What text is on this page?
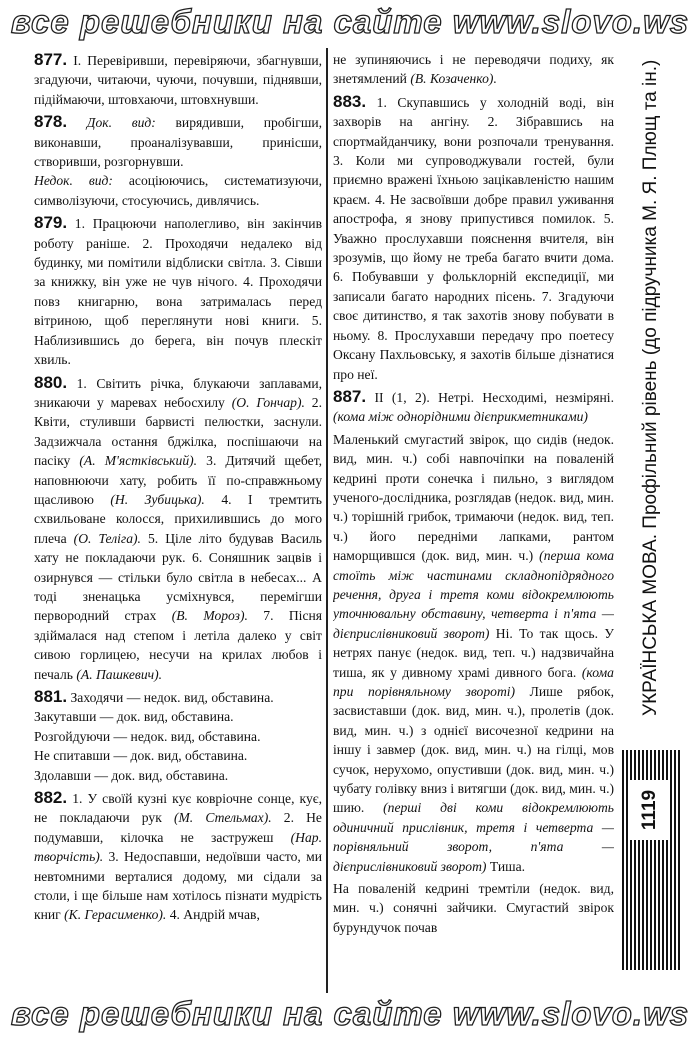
все решебники на сайте www.slovo.ws

877. I. Перевіривши, перевіряючи, збагнувши, згадуючи, читаючи, чуючи, почувши, піднявши, підіймаючи, штовхаючи, штовхнувши.

878. Док. вид: вирядивши, пробігши, виконавши, проаналізувавши, принісши, створивши, розгорнувши.
Недок. вид: асоціюючись, систематизуючи, символізуючи, стосуючись, дивлячись.

879. 1. Працюючи наполегливо, він закінчив роботу раніше. 2. Проходячи недалеко від будинку, ми помітили відблиски світла. 3. Сівши за книжку, він уже не чув нічого. 4. Проходячи повз книгарню, вона затрималась перед вітриною, щоб переглянути нові книги. 5. Наблизившись до берега, він почув плескіт хвиль.

880. 1. Світить річка, блукаючи заплавами, зникаючи у маревах небосхилу (О. Гончар). 2. Квіти, стуливши барвисті пелюстки, заснули. Задзижчала остання бджілка, поспішаючи на пасіку (А. М'ястківський). 3. Дитячий щебет, наповнюючи хату, робить її по-справжньому щасливою (Н. Зубицька). 4. І тремтить схвильоване колосся, прихилившись до мого плеча (О. Теліга). 5. Ціле літо будував Василь хату не покладаючи рук. 6. Соняшник зацвів і озирнувся — стільки було світла в небесах... А тоді зненацька усміхнувся, перемігши первородний страх (В. Мороз). 7. Пісня здіймалася над степом і летіла далеко у світ сивою горлицею, несучи на крилах любов і печаль (А. Пашкевич).

881. Заходячи — недок. вид, обставина.
Закутавши — док. вид, обставина.
Розгойдуючи — недок. вид, обставина.
Не спитавши — док. вид, обставина.
Здолавши — док. вид, обставина.

882. 1. У своїй кузні кує ковріочне сонце, кує, не покладаючи рук (М. Стельмах). 2. Не подумавши, кілочка не застружеш (Нар. творчість). 3. Недоспавши, недоївши часто, ми невтомними верталися додому, ми сідали за столи, і ще більше нам хотілось пізнати мудрість книг (К. Герасименко). 4. Андрій мчав,

не зупиняючись і не переводячи подиху, як знетямлений (В. Козаченко).

883. 1. Скупавшись у холодній воді, він захворів на ангіну. 2. Зібравшись на спортмайданчику, вони розпочали тренування. 3. Коли ми супроводжували гостей, були приємно вражені їхньою зацікавленістю нашим краєм. 4. Не засвоївши добре правил уживання апострофа, я знову припустився помилок. 5. Уважно прослухавши пояснення вчителя, він зрозумів, що йому не треба багато вчити дома. 6. Побувавши у фольклорній експедиції, ми записали багато народних пісень. 7. Згадуючи своє дитинство, я так захотів знову побувати в ньому. 8. Прослухавши передачу про поетесу Оксану Пахльовську, я захотів більше дізнатися про неї.

887. II (1, 2). Нетрі. Несходимі, незміряні. (кома між однорідними дієприкметниками)

Маленький смугастий звірок, що сидів (недок. вид, мин. ч.) собі навпочіпки на поваленій кедрині проти сонечка і пильно, з виглядом ученого-дослідника, розглядав (недок. вид, мин. ч.) торішній грибок, тримаючи (недок. вид, теп. ч.) його передніми лапками, рантом наморщившся (док. вид, мин. ч.) (перша кома стоїть між частинами складнопідрядного речення, друга і третя коми відокремлюють уточнювальну обставину, четверта і п'ята — дієприслівниковий зворот) Ні. То так щось. У нетрях панує (недок. вид, теп. ч.) надзвичайна тиша, як у дивному храмі дивного бога. (кома при порівняльному звороті) Лише рябок, засвиставши (док. вид, мин. ч.), пролетів (док. вид, мин. ч.) з однієї височезної кедрини на іншу і завмер (док. вид, мин. ч.) на гілці, мов сучок, нерухомо, опустивши (док. вид, мин. ч.) чубату голівку вниз і витягши (док. вид, мин. ч.) шию. (перші дві коми відокремлюють одиничний прислівник, третя і четверта — порівняльний зворот, п'ята — дієприслівниковий зворот) Тиша.

На поваленій кедрині тремтіли (недок. вид, мин. ч.) сонячні зайчики. Смугастий звірок бурундучок почав

УКРАЇНСЬКА МОВА. Профільний рівень (до підручника М. Я. Плющ та ін.)
1119
все решебники на сайте www.slovo.ws
